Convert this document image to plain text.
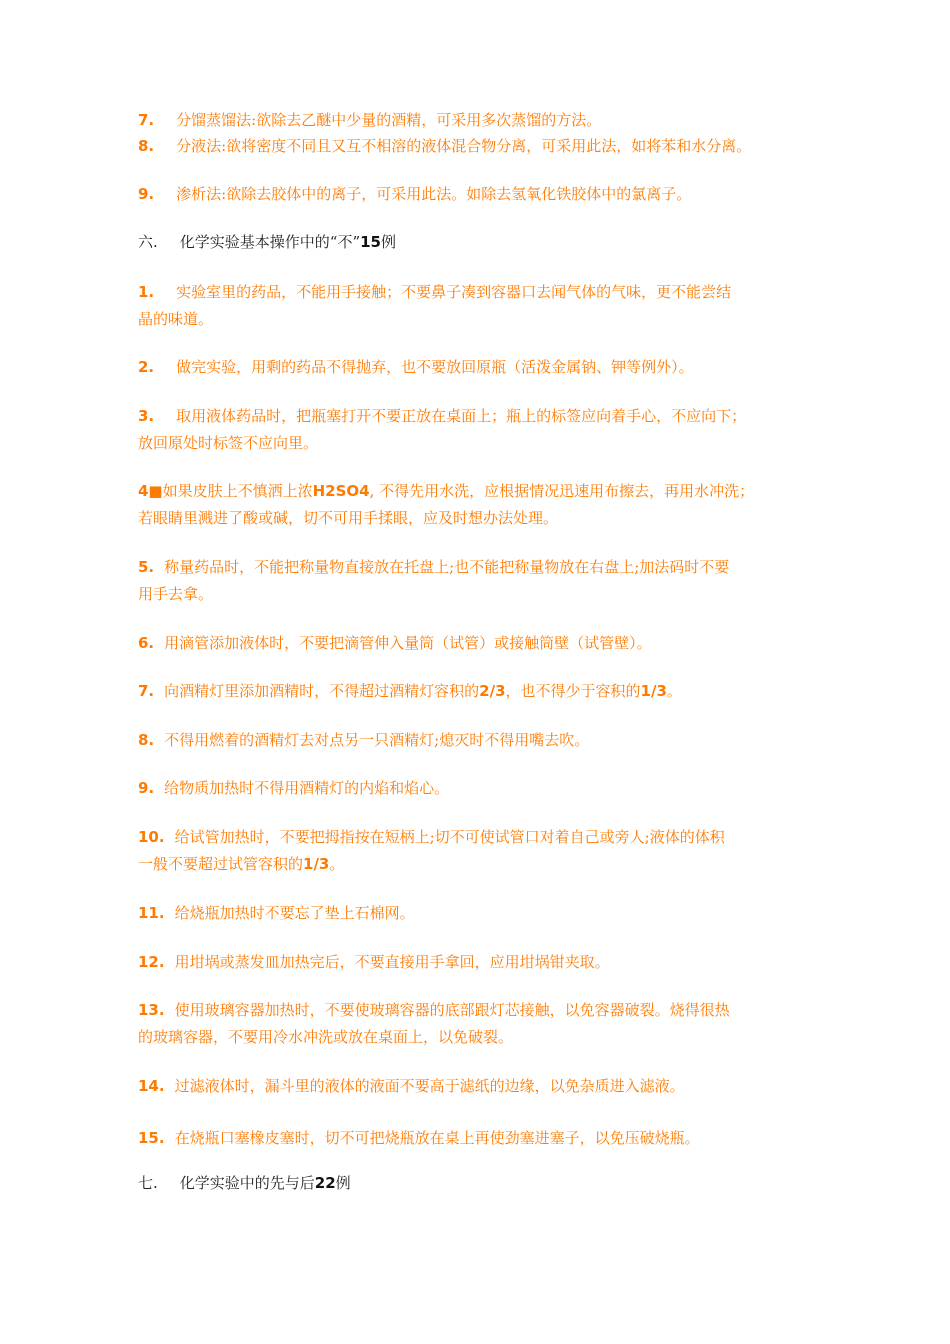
7. 分馏蒸馏法:欲除去乙醚中少量的酒精，可采用多次蒸馏的方法。

8. 分液法:欲将密度不同且又互不相溶的液体混合物分离，可采用此法，如将苯和水分离。

9. 渗析法:欲除去胶体中的离子，可采用此法。如除去氢氧化铁胶体中的氯离子。

六. 化学实验基本操作中的“不”15例

1. 实验室里的药品，不能用手接触；不要鼻子凑到容器口去闻气体的气味，更不能尝结

晶的味道。

2. 做完实验，用剩的药品不得抛弃，也不要放回原瓶（活泼金属钠、钾等例外）。

3. 取用液体药品时，把瓶塞打开不要正放在桌面上；瓶上的标签应向着手心，不应向下；

放回原处时标签不应向里。

4■如果皮肤上不慎洒上浓H2SO4, 不得先用水洗，应根据情况迅速用布擦去，再用水冲洗；

若眼睛里溅进了酸或碱，切不可用手揉眼，应及时想办法处理。

5. 称量药品时，不能把称量物直接放在托盘上;也不能把称量物放在右盘上;加法码时不要

用手去拿。

6. 用滴管添加液体时，不要把滴管伸入量筒（试管）或接触筒壁（试管壁）。

7. 向酒精灯里添加酒精时，不得超过酒精灯容积的2/3，也不得少于容积的1/3。

8. 不得用燃着的酒精灯去对点另一只酒精灯;熄灭时不得用嘴去吹。

9. 给物质加热时不得用酒精灯的内焰和焰心。

10. 给试管加热时，不要把拇指按在短柄上;切不可使试管口对着自己或旁人;液体的体积

一般不要超过试管容积的1/3。

11. 给烧瓶加热时不要忘了垫上石棉网。

12. 用坩埚或蒸发皿加热完后，不要直接用手拿回，应用坩埚钳夹取。

13. 使用玻璃容器加热时，不要使玻璃容器的底部跟灯芯接触，以免容器破裂。烧得很热

的玻璃容器，不要用冷水冲洗或放在桌面上，以免破裂。

14. 过滤液体时，漏斗里的液体的液面不要高于滤纸的边缘，以免杂质进入滤液。

15. 在烧瓶口塞橡皮塞时，切不可把烧瓶放在桌上再使劲塞进塞子，以免压破烧瓶。

七. 化学实验中的先与后22例
